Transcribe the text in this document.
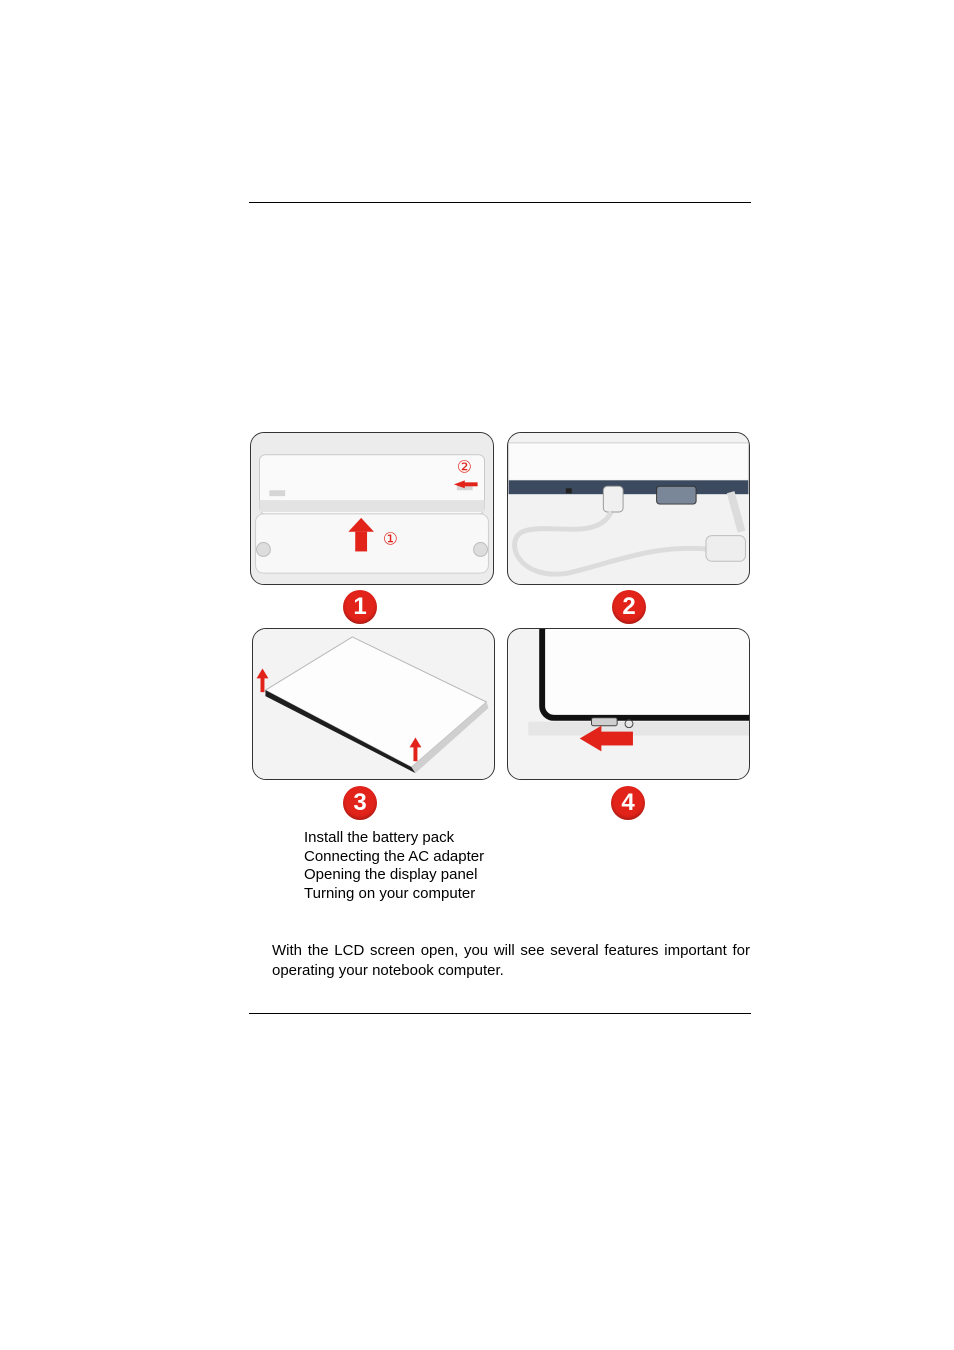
①
②
1	2
3	4
Install the battery pack
Connecting the AC adapter
Opening the display panel
Turning on your computer
With the LCD screen open, you will see several features important for operating your notebook computer.
